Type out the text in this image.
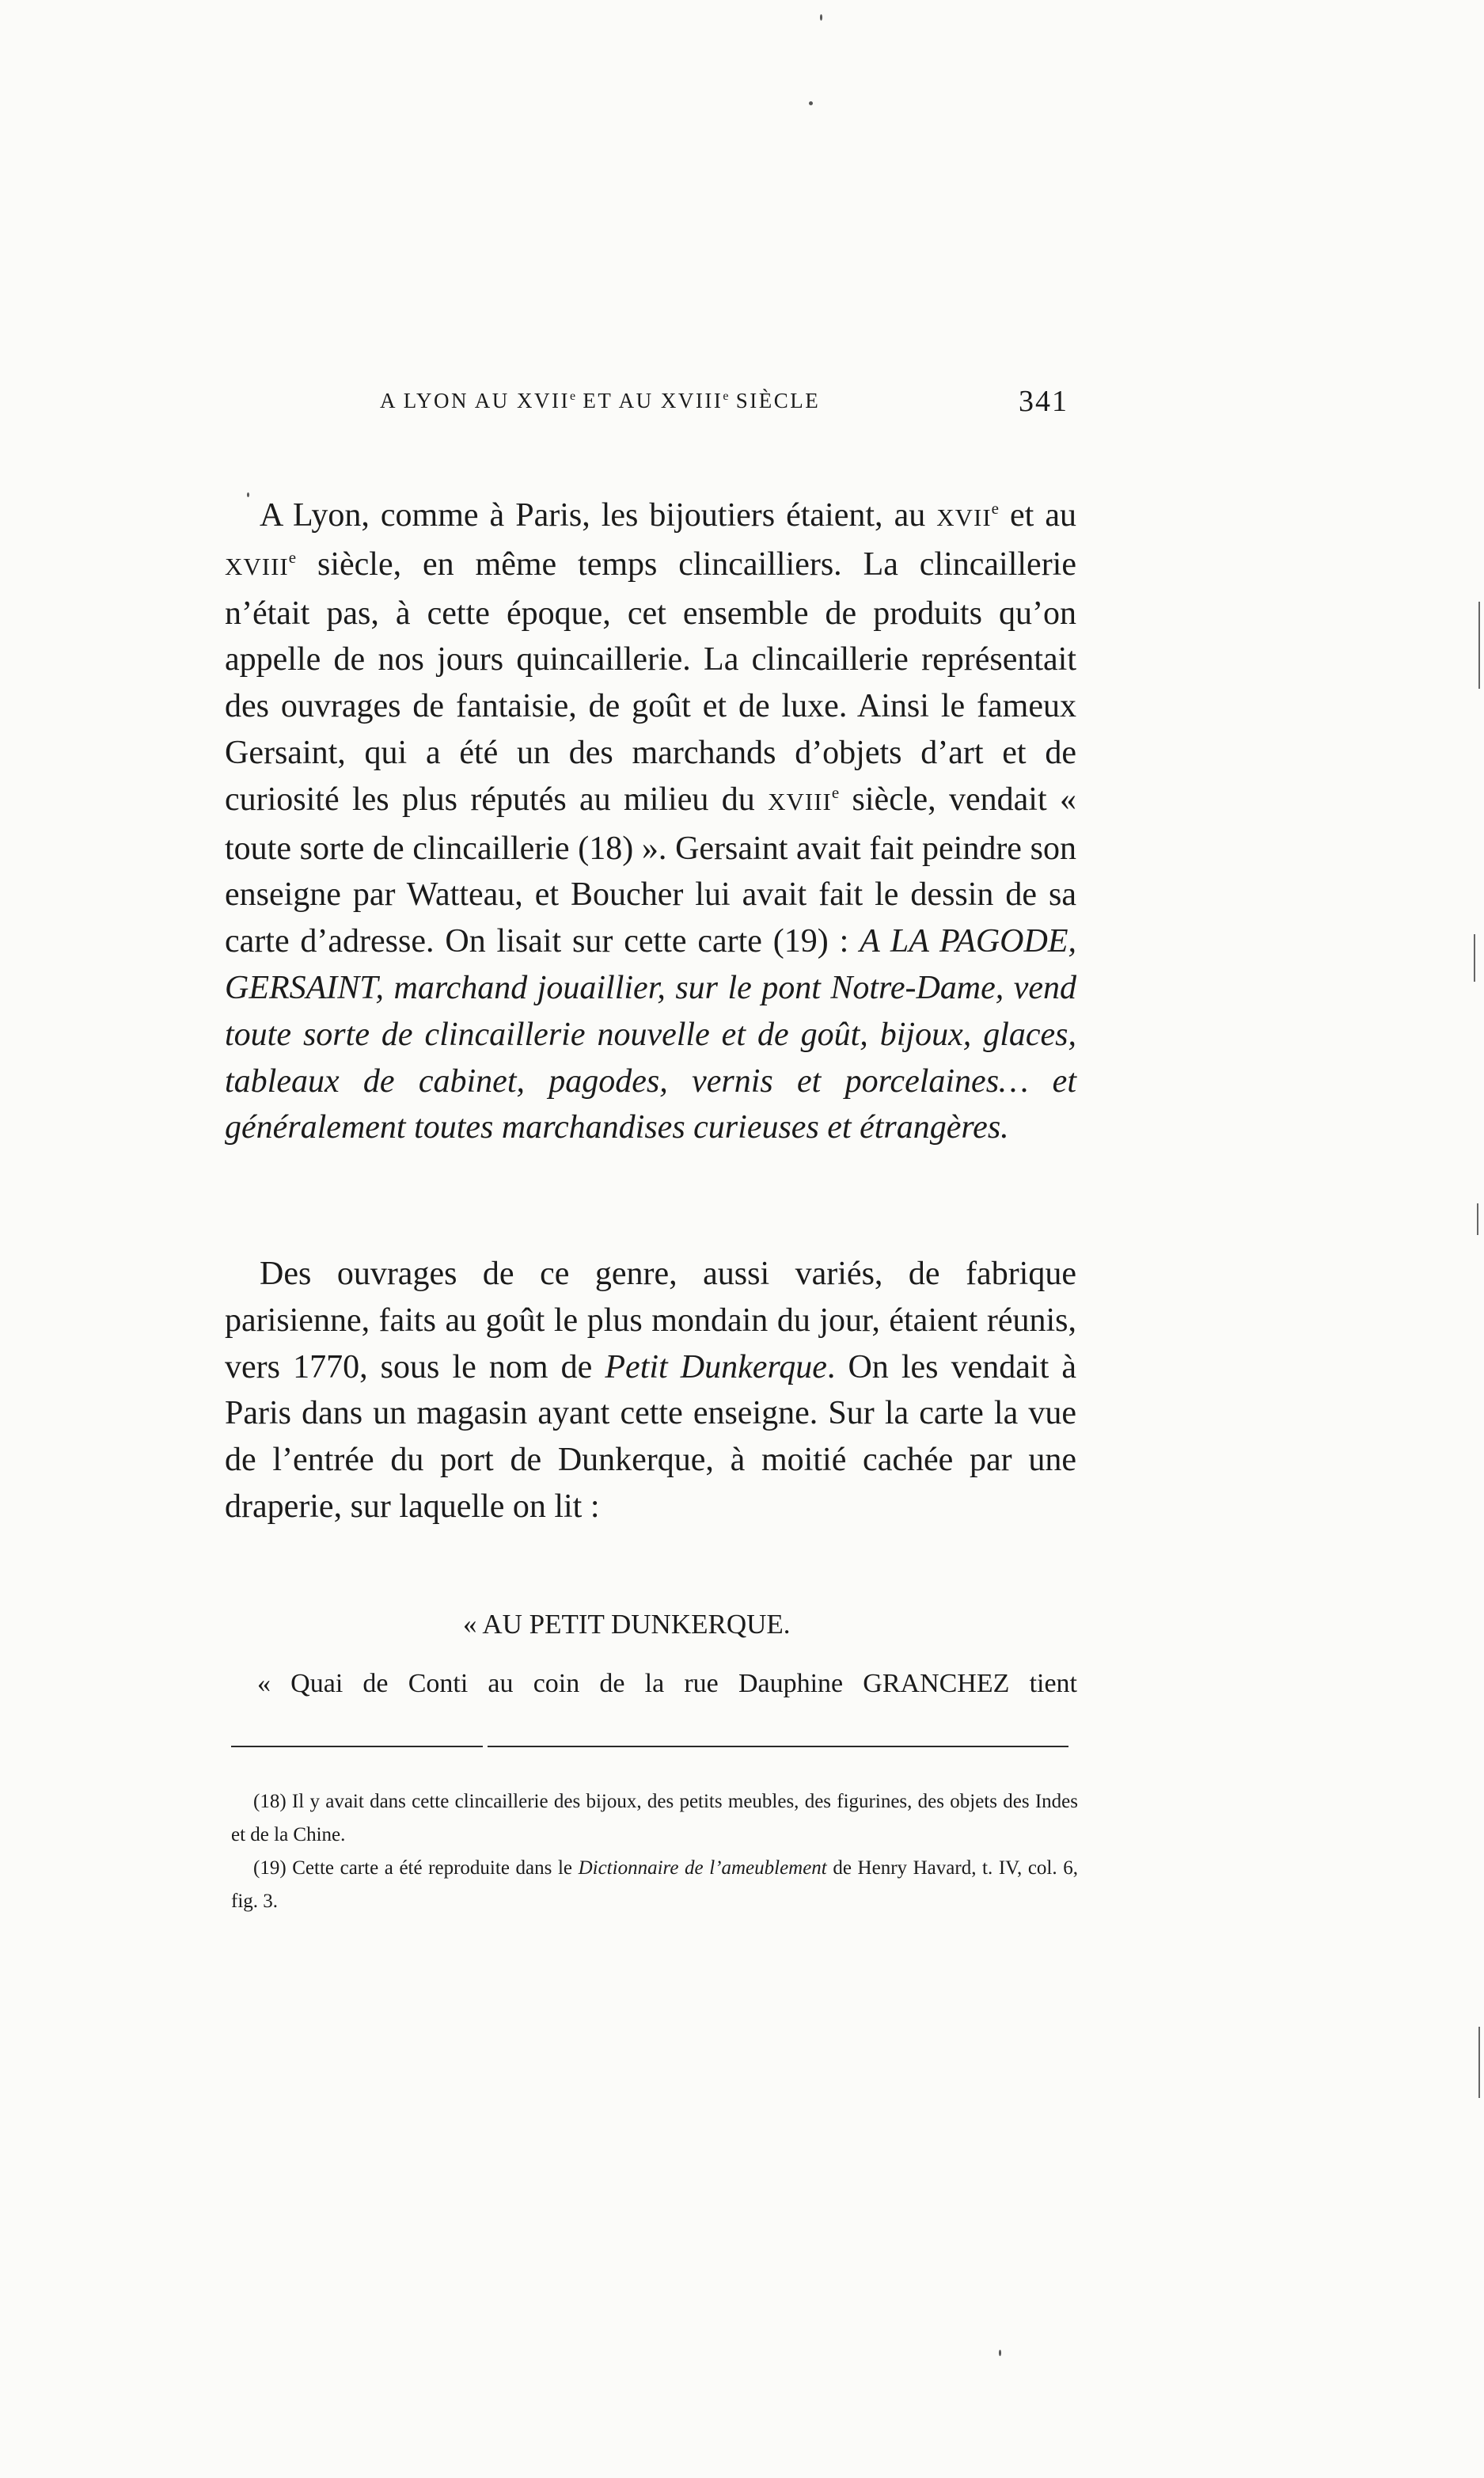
A LYON AU XVIIe ET AU XVIIIe SIÈCLE	341

A Lyon, comme à Paris, les bijoutiers étaient, au XVIIe et au XVIIIe siècle, en même temps clincailliers. La clincaillerie n’était pas, à cette époque, cet ensemble de produits qu’on appelle de nos jours quincaillerie. La clincaillerie représentait des ouvrages de fantaisie, de goût et de luxe. Ainsi le fameux Gersaint, qui a été un des marchands d’objets d’art et de curiosité les plus réputés au milieu du XVIIIe siècle, vendait « toute sorte de clincaillerie (18) ». Gersaint avait fait peindre son enseigne par Watteau, et Boucher lui avait fait le dessin de sa carte d’adresse. On lisait sur cette carte (19) : A LA PAGODE, GERSAINT, marchand jouaillier, sur le pont Notre-Dame, vend toute sorte de clincaillerie nouvelle et de goût, bijoux, glaces, tableaux de cabinet, pagodes, vernis et porcelaines… et généralement toutes marchandises curieuses et étrangères.

Des ouvrages de ce genre, aussi variés, de fabrique parisienne, faits au goût le plus mondain du jour, étaient réunis, vers 1770, sous le nom de Petit Dunkerque. On les vendait à Paris dans un magasin ayant cette enseigne. Sur la carte la vue de l’entrée du port de Dunkerque, à moitié cachée par une draperie, sur laquelle on lit :

« AU PETIT DUNKERQUE.
« Quai de Conti au coin de la rue Dauphine GRANCHEZ tient

(18) Il y avait dans cette clincaillerie des bijoux, des petits meubles, des figurines, des objets des Indes et de la Chine.

(19) Cette carte a été reproduite dans le Dictionnaire de l’ameublement de Henry Havard, t. IV, col. 6, fig. 3.
